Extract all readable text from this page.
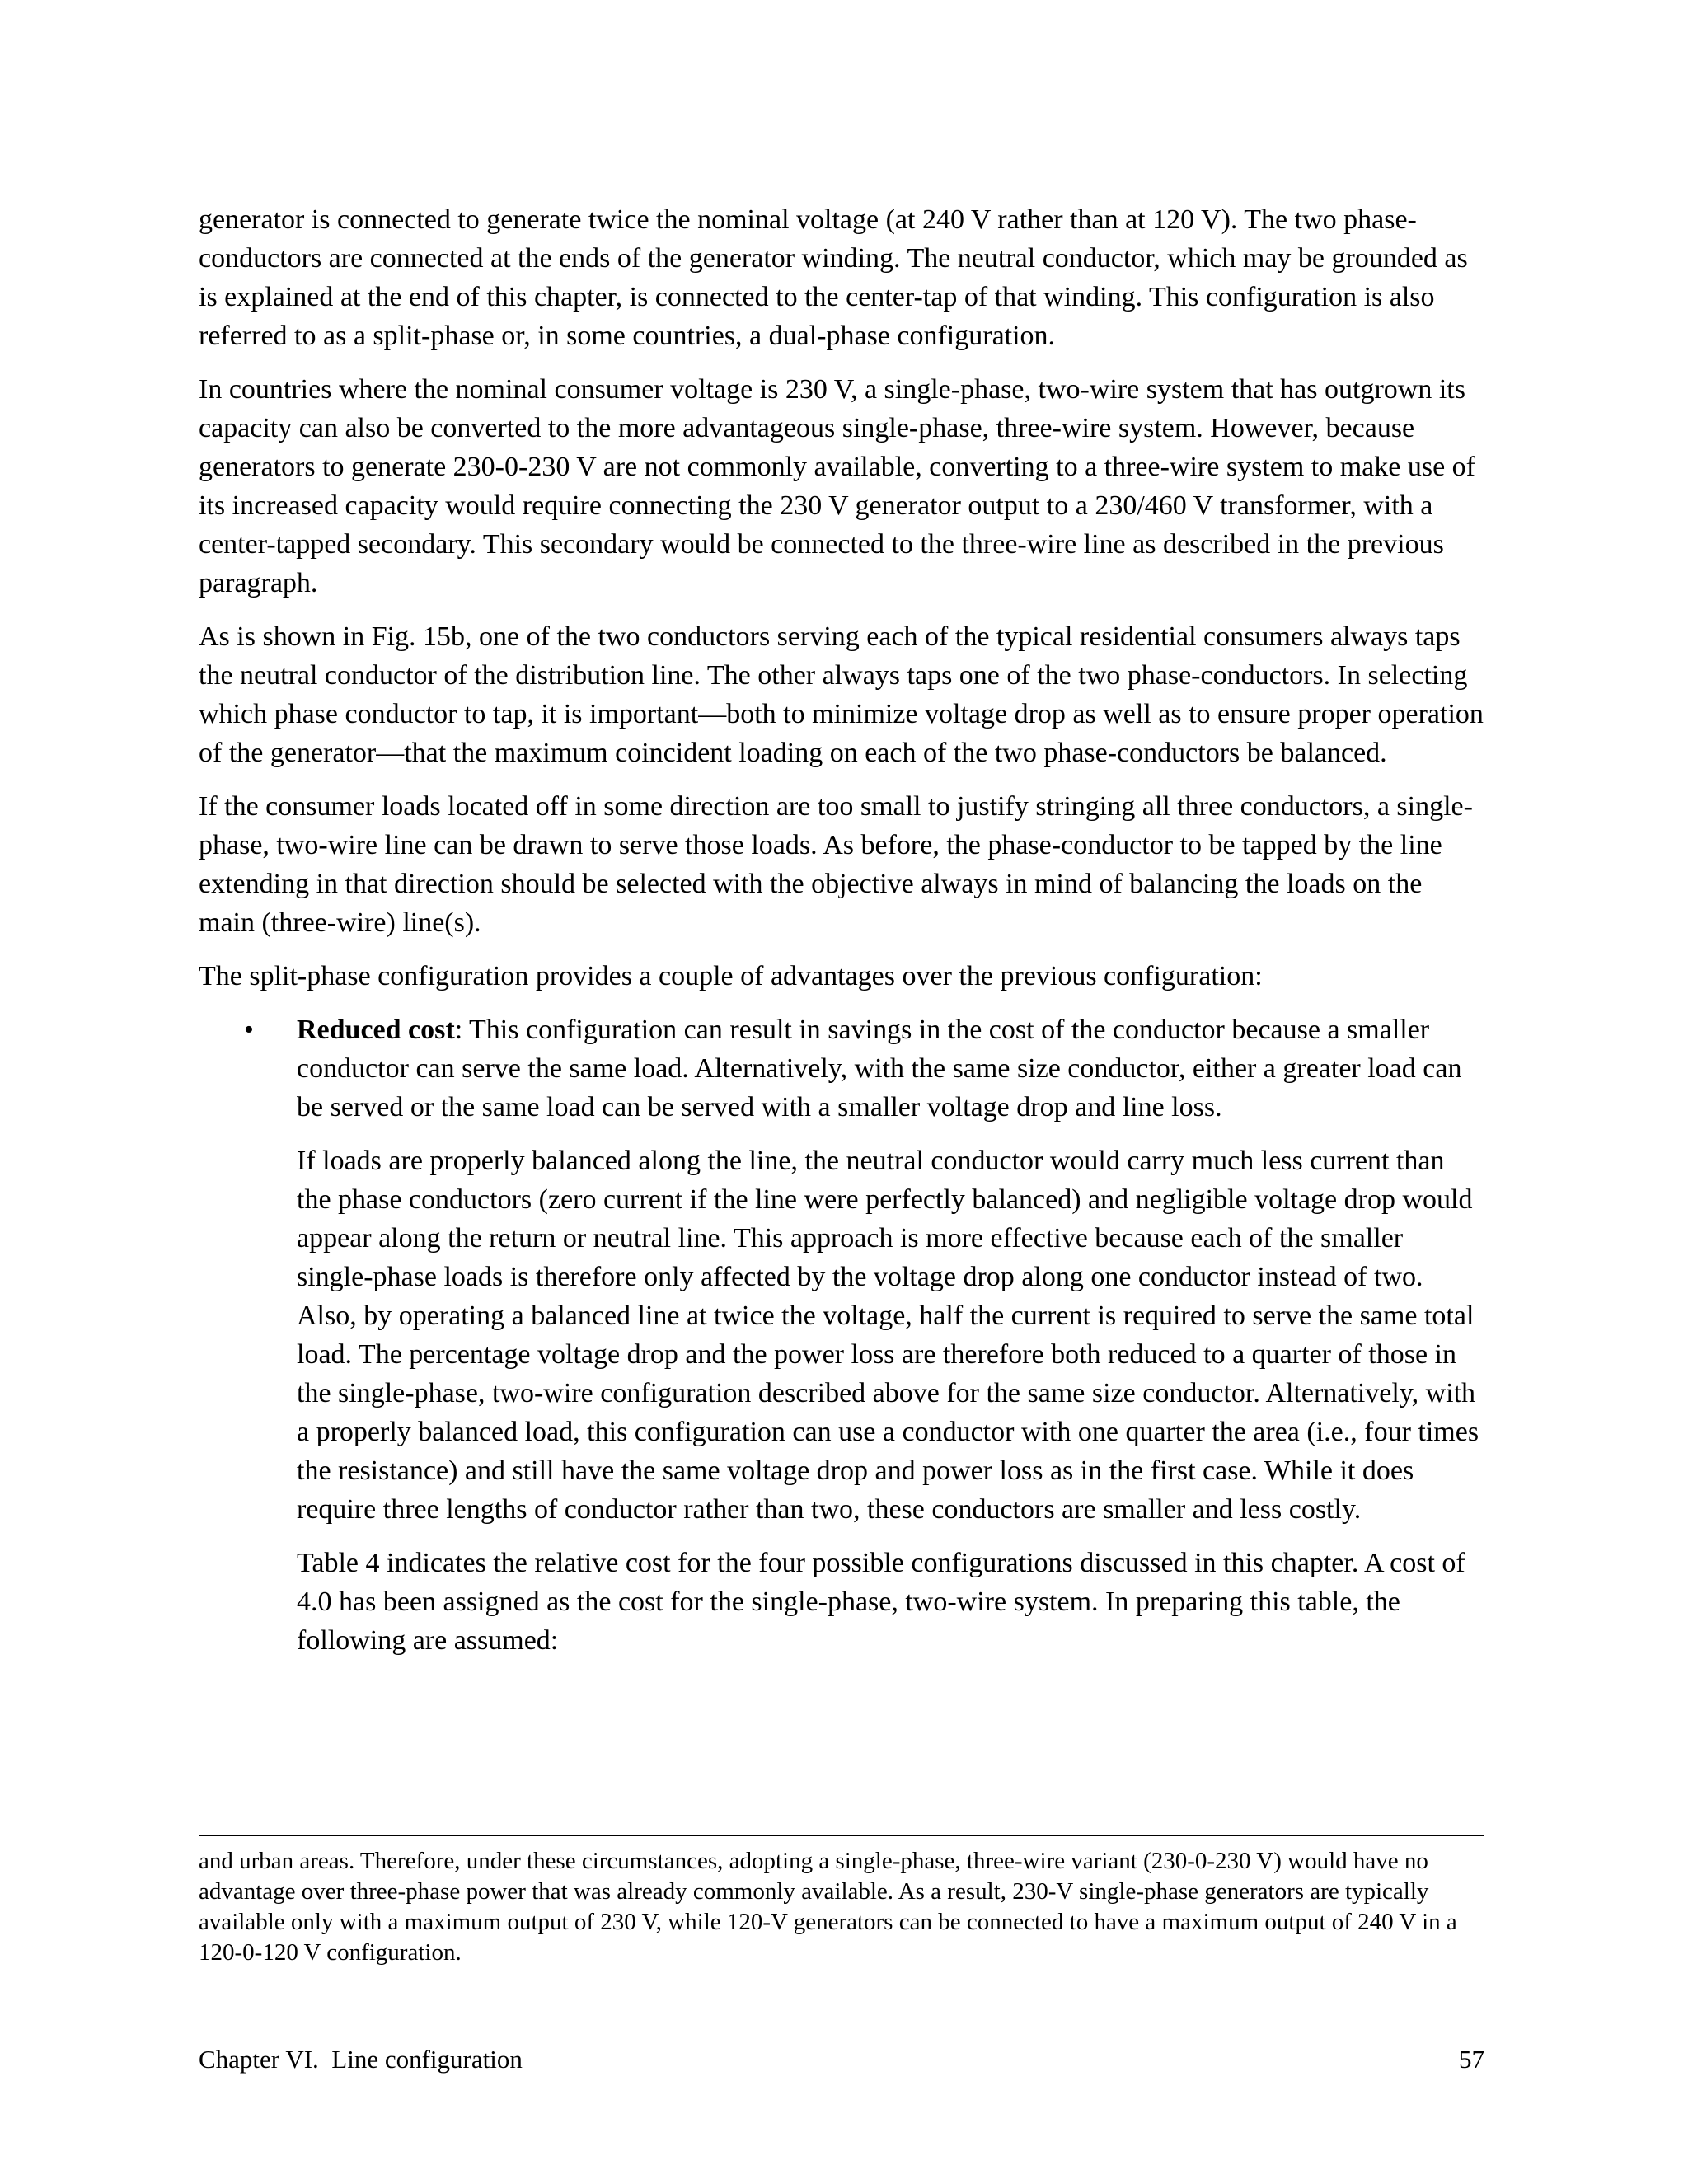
generator is connected to generate twice the nominal voltage (at 240 V rather than at 120 V). The two phase-conductors are connected at the ends of the generator winding. The neutral conductor, which may be grounded as is explained at the end of this chapter, is connected to the center-tap of that winding. This configuration is also referred to as a split-phase or, in some countries, a dual-phase configuration.

In countries where the nominal consumer voltage is 230 V, a single-phase, two-wire system that has outgrown its capacity can also be converted to the more advantageous single-phase, three-wire system. However, because generators to generate 230-0-230 V are not commonly available, converting to a three-wire system to make use of its increased capacity would require connecting the 230 V generator output to a 230/460 V transformer, with a center-tapped secondary. This secondary would be connected to the three-wire line as described in the previous paragraph.

As is shown in Fig. 15b, one of the two conductors serving each of the typical residential consumers always taps the neutral conductor of the distribution line. The other always taps one of the two phase-conductors. In selecting which phase conductor to tap, it is important—both to minimize voltage drop as well as to ensure proper operation of the generator—that the maximum coincident loading on each of the two phase-conductors be balanced.

If the consumer loads located off in some direction are too small to justify stringing all three conductors, a single-phase, two-wire line can be drawn to serve those loads. As before, the phase-conductor to be tapped by the line extending in that direction should be selected with the objective always in mind of balancing the loads on the main (three-wire) line(s).

The split-phase configuration provides a couple of advantages over the previous configuration:

• Reduced cost: This configuration can result in savings in the cost of the conductor because a smaller conductor can serve the same load. Alternatively, with the same size conductor, either a greater load can be served or the same load can be served with a smaller voltage drop and line loss.

If loads are properly balanced along the line, the neutral conductor would carry much less current than the phase conductors (zero current if the line were perfectly balanced) and negligible voltage drop would appear along the return or neutral line. This approach is more effective because each of the smaller single-phase loads is therefore only affected by the voltage drop along one conductor instead of two. Also, by operating a balanced line at twice the voltage, half the current is required to serve the same total load. The percentage voltage drop and the power loss are therefore both reduced to a quarter of those in the single-phase, two-wire configuration described above for the same size conductor. Alternatively, with a properly balanced load, this configuration can use a conductor with one quarter the area (i.e., four times the resistance) and still have the same voltage drop and power loss as in the first case. While it does require three lengths of conductor rather than two, these conductors are smaller and less costly.

Table 4 indicates the relative cost for the four possible configurations discussed in this chapter. A cost of 4.0 has been assigned as the cost for the single-phase, two-wire system. In preparing this table, the following are assumed:

and urban areas. Therefore, under these circumstances, adopting a single-phase, three-wire variant (230-0-230 V) would have no advantage over three-phase power that was already commonly available. As a result, 230-V single-phase generators are typically available only with a maximum output of 230 V, while 120-V generators can be connected to have a maximum output of 240 V in a 120-0-120 V configuration.
Chapter VI.  Line configuration	57
